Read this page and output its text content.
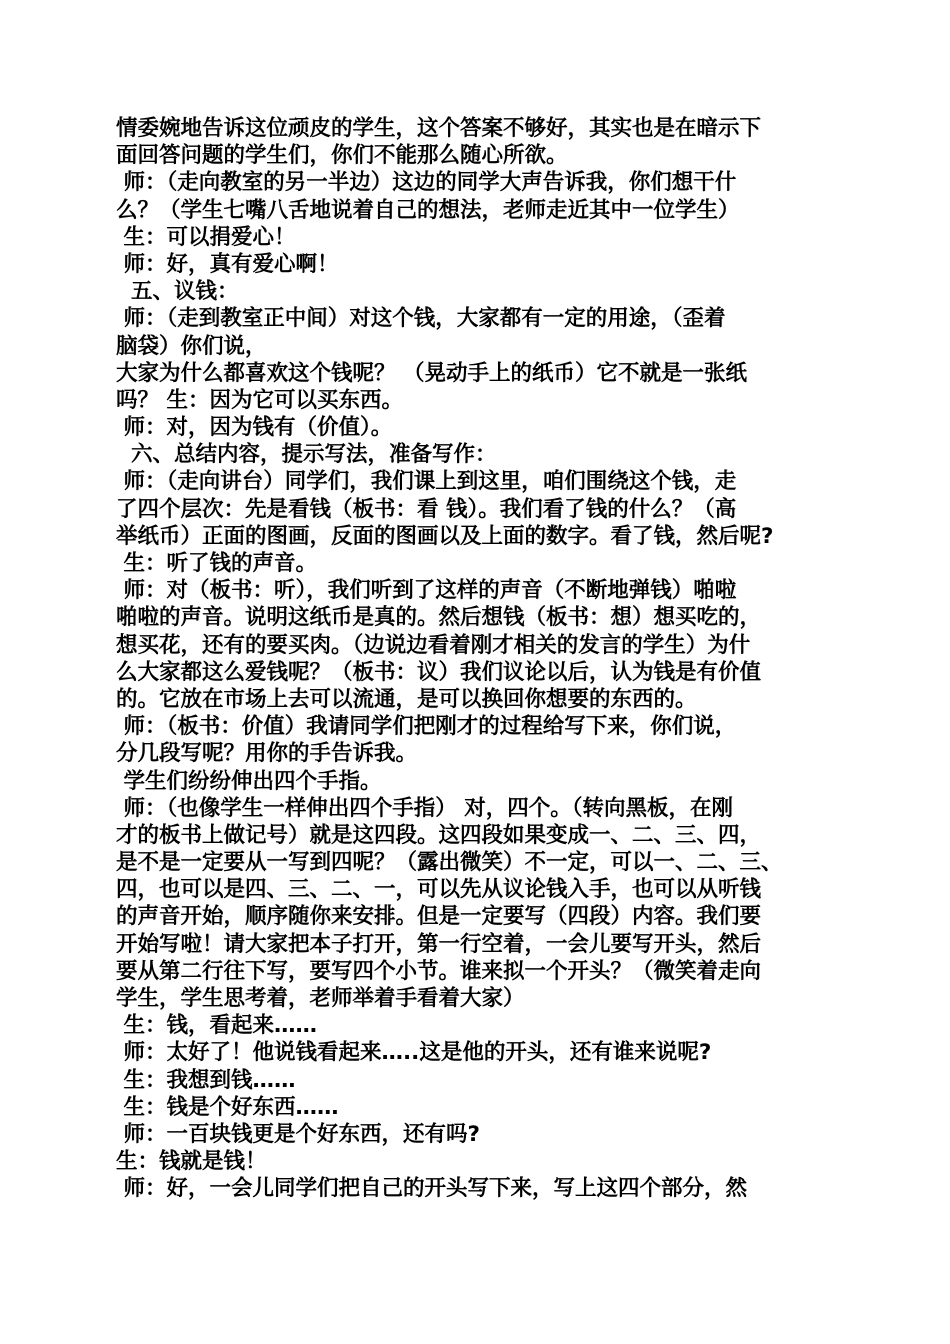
情委婉地告诉这位顽皮的学生，这个答案不够好，其实也是在暗示下
面回答问题的学生们，你们不能那么随心所欲。
师：（走向教室的另一半边）这边的同学大声告诉我，你们想干什
么？（学生七嘴八舌地说着自己的想法，老师走近其中一位学生）
生：可以捐爱心！
师：好，真有爱心啊！
五、议钱：
师：（走到教室正中间）对这个钱，大家都有一定的用途，（歪着
脑袋）你们说，
大家为什么都喜欢这个钱呢？ （晃动手上的纸币）它不就是一张纸
吗？ 生：因为它可以买东西。
师：对，因为钱有（价值）。
六、总结内容，提示写法，准备写作：
师：（走向讲台）同学们，我们课上到这里，咱们围绕这个钱，走
了四个层次：先是看钱（板书：看 钱）。我们看了钱的什么？（高
举纸币）正面的图画，反面的图画以及上面的数字。看了钱，然后呢?
生：听了钱的声音。
师：对（板书：听），我们听到了这样的声音（不断地弹钱）啪啦
啪啦的声音。说明这纸币是真的。然后想钱（板书：想）想买吃的，
想买花，还有的要买肉。（边说边看着刚才相关的发言的学生）为什
么大家都这么爱钱呢？（板书：议）我们议论以后，认为钱是有价值
的。它放在市场上去可以流通，是可以换回你想要的东西的。
师：（板书：价值）我请同学们把刚才的过程给写下来，你们说，
分几段写呢？用你的手告诉我。
学生们纷纷伸出四个手指。
师：（也像学生一样伸出四个手指） 对，四个。（转向黑板，在刚
才的板书上做记号）就是这四段。这四段如果变成一、二、三、四，
是不是一定要从一写到四呢？（露出微笑）不一定，可以一、二、三、
四，也可以是四、三、二、一，可以先从议论钱入手，也可以从听钱
的声音开始，顺序随你来安排。但是一定要写（四段）内容。我们要
开始写啦！请大家把本子打开，第一行空着，一会儿要写开头，然后
要从第二行往下写，要写四个小节。谁来拟一个开头？（微笑着走向
学生，学生思考着，老师举着手看着大家）
生：钱，看起来……
师：太好了！他说钱看起来…..这是他的开头，还有谁来说呢?
生：我想到钱……
生：钱是个好东西……
师：一百块钱更是个好东西，还有吗?
生：钱就是钱！
师：好，一会儿同学们把自己的开头写下来，写上这四个部分，然
